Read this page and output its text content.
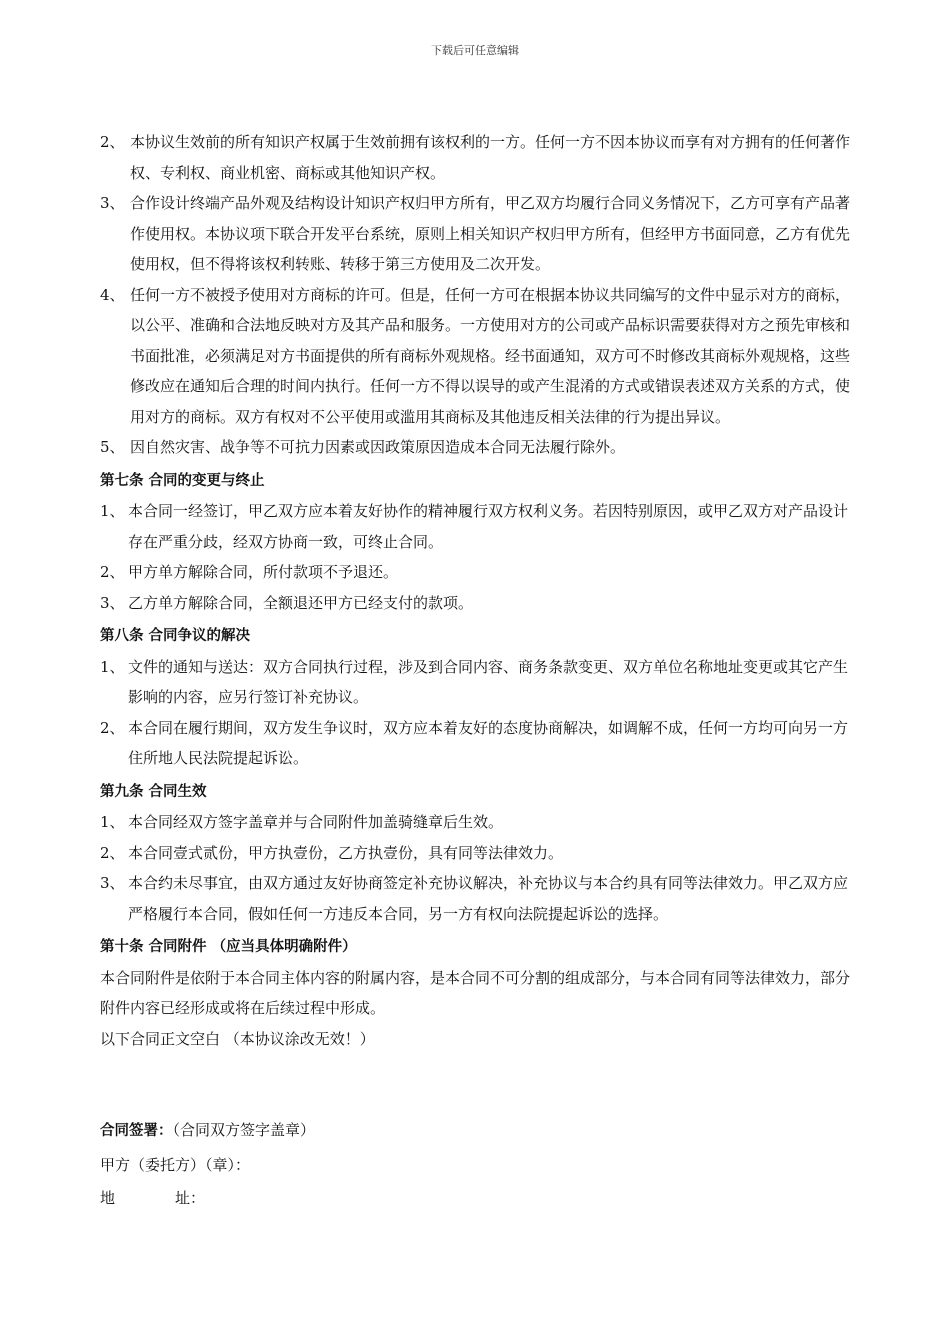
下载后可任意编辑
2、 本协议生效前的所有知识产权属于生效前拥有该权利的一方。任何一方不因本协议而享有对方拥有的任何著作权、专利权、商业机密、商标或其他知识产权。
3、 合作设计终端产品外观及结构设计知识产权归甲方所有，甲乙双方均履行合同义务情况下，乙方可享有产品著作使用权。本协议项下联合开发平台系统，原则上相关知识产权归甲方所有，但经甲方书面同意，乙方有优先使用权，但不得将该权利转账、转移于第三方使用及二次开发。
4、 任何一方不被授予使用对方商标的许可。但是，任何一方可在根据本协议共同编写的文件中显示对方的商标，以公平、准确和合法地反映对方及其产品和服务。一方使用对方的公司或产品标识需要获得对方之预先审核和书面批准，必须满足对方书面提供的所有商标外观规格。经书面通知，双方可不时修改其商标外观规格，这些修改应在通知后合理的时间内执行。任何一方不得以误导的或产生混淆的方式或错误表述双方关系的方式，使用对方的商标。双方有权对不公平使用或滥用其商标及其他违反相关法律的行为提出异议。
5、 因自然灾害、战争等不可抗力因素或因政策原因造成本合同无法履行除外。
第七条 合同的变更与终止
1、 本合同一经签订，甲乙双方应本着友好协作的精神履行双方权利义务。若因特别原因，或甲乙双方对产品设计存在严重分歧，经双方协商一致，可终止合同。
2、 甲方单方解除合同，所付款项不予退还。
3、 乙方单方解除合同，全额退还甲方已经支付的款项。
第八条 合同争议的解决
1、 文件的通知与送达：双方合同执行过程，涉及到合同内容、商务条款变更、双方单位名称地址变更或其它产生影响的内容，应另行签订补充协议。
2、 本合同在履行期间，双方发生争议时，双方应本着友好的态度协商解决，如调解不成，任何一方均可向另一方住所地人民法院提起诉讼。
第九条 合同生效
1、 本合同经双方签字盖章并与合同附件加盖骑缝章后生效。
2、 本合同壹式贰份，甲方执壹份，乙方执壹份，具有同等法律效力。
3、 本合约未尽事宜，由双方通过友好协商签定补充协议解决，补充协议与本合约具有同等法律效力。甲乙双方应严格履行本合同，假如任何一方违反本合同，另一方有权向法院提起诉讼的选择。
第十条 合同附件 （应当具体明确附件）
本合同附件是依附于本合同主体内容的附属内容，是本合同不可分割的组成部分，与本合同有同等法律效力，部分附件内容已经形成或将在后续过程中形成。
以下合同正文空白 （本协议涂改无效！）
合同签署：（合同双方签字盖章）
甲方（委托方）（章）：
地	址：
